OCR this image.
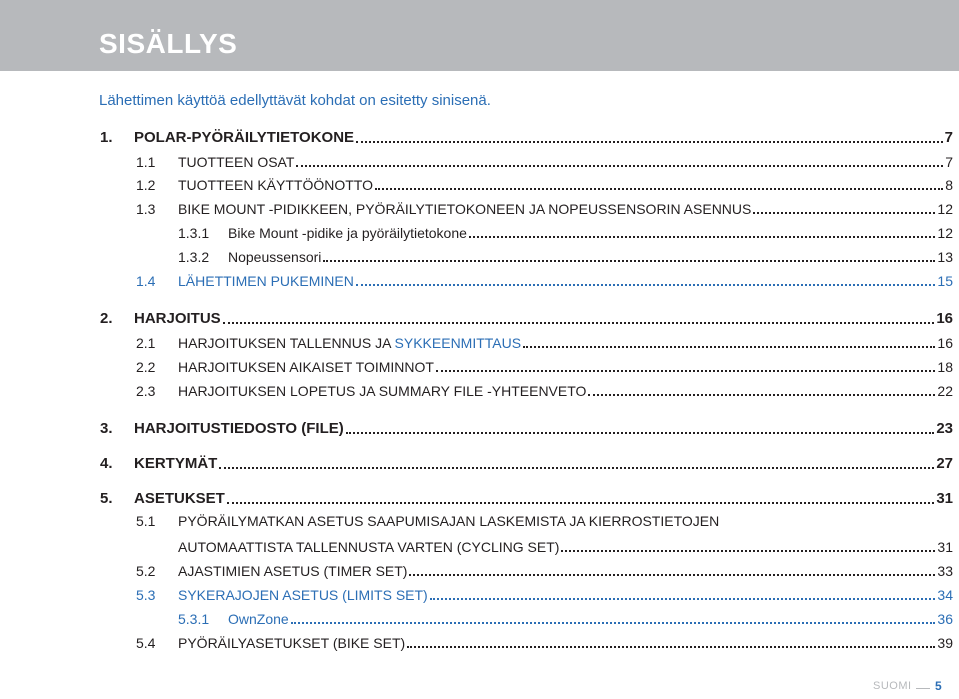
SISÄLLYS
Lähettimen käyttöä edellyttävät kohdat on esitetty sinisenä.
1.	POLAR-PYÖRÄILYTIETOKONE	7
1.1	TUOTTEEN OSAT	7
1.2	TUOTTEEN KÄYTTÖÖNOTTO	8
1.3	BIKE MOUNT -PIDIKKEEN, PYÖRÄILYTIETOKONEEN JA NOPEUSSENSORIN ASENNUS	12
1.3.1	Bike Mount -pidike ja pyöräilytietokone	12
1.3.2	Nopeussensori	13
1.4	LÄHETTIMEN PUKEMINEN	15
2.	HARJOITUS	16
2.1	HARJOITUKSEN TALLENNUS JA SYKKEENMITTAUS	16
2.2	HARJOITUKSEN AIKAISET TOIMINNOT	18
2.3	HARJOITUKSEN LOPETUS JA SUMMARY FILE -YHTEENVETO	22
3.	HARJOITUSTIEDOSTO (FILE)	23
4.	KERTYMÄT	27
5.	ASETUKSET	31
5.1 PYÖRÄILYMATKAN ASETUS SAAPUMISAJAN LASKEMISTA JA KIERROSTIETOJEN
AUTOMAATTISTA TALLENNUSTA VARTEN (CYCLING SET)	31
5.2	AJASTIMIEN ASETUS (TIMER SET)	33
5.3	SYKERAJOJEN ASETUS (LIMITS SET)	34
5.3.1	OwnZone	36
5.4	PYÖRÄILYASETUKSET (BIKE SET)	39
SUOMI 5
